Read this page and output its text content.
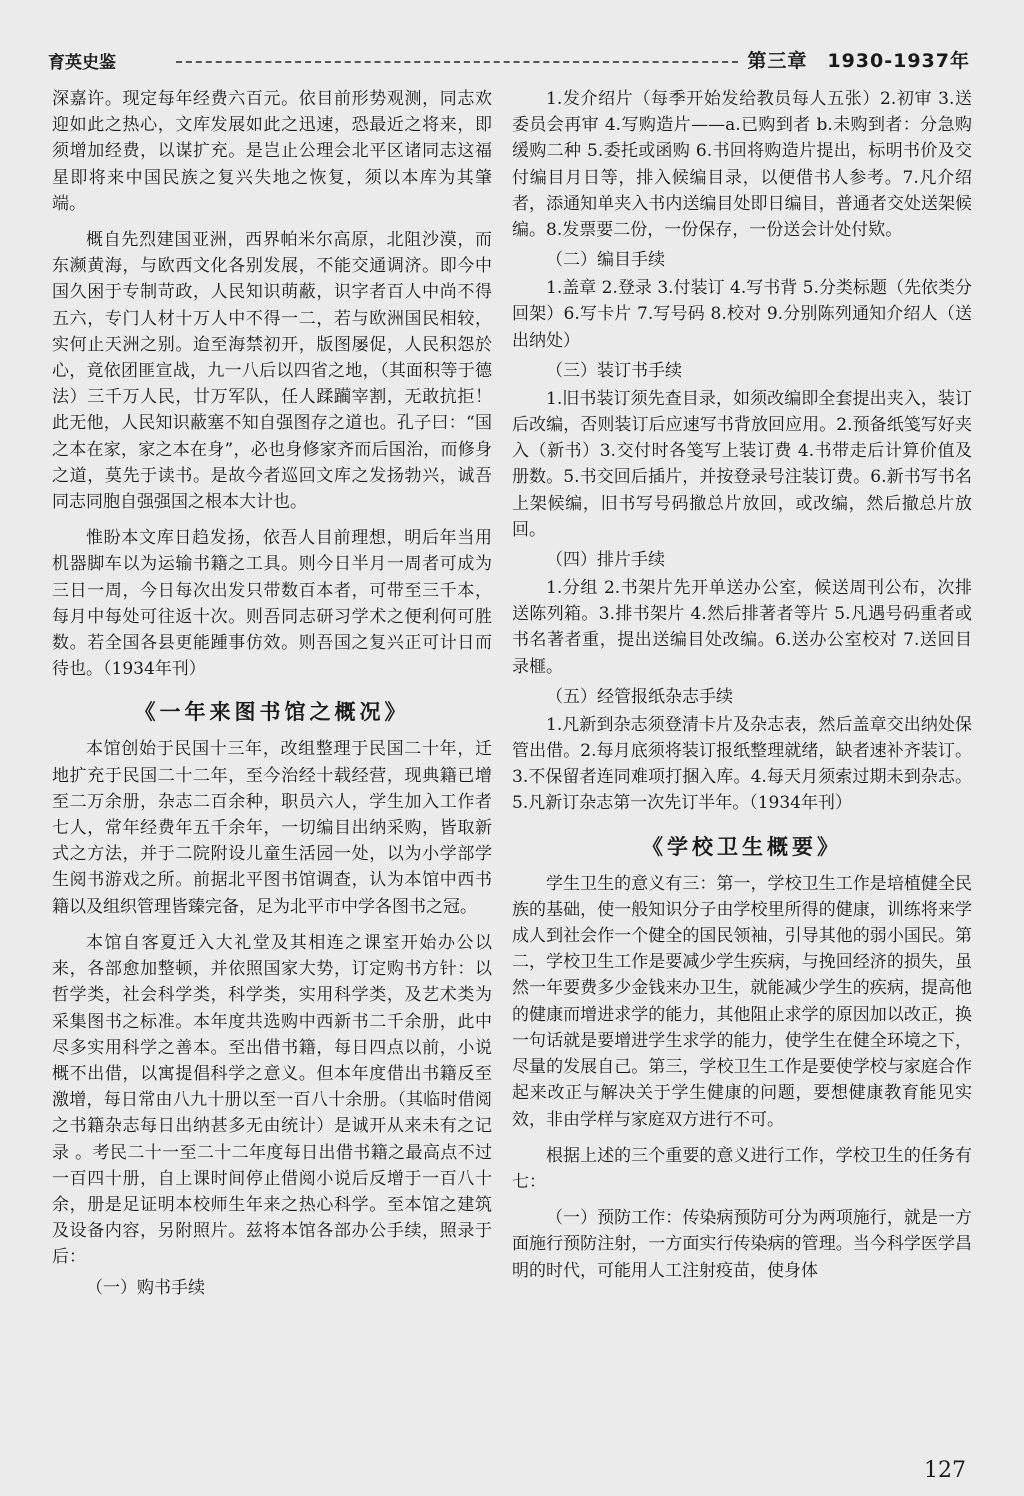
育英史鉴	第三章　1930-1937年

深嘉许。现定每年经费六百元。依目前形势观测，同志欢迎如此之热心，文库发展如此之迅速，恐最近之将来，即须增加经费，以谋扩充。是岂止公理会北平区诸同志这福星即将来中国民族之复兴失地之恢复，须以本库为其肇端。

概自先烈建国亚洲，西界帕米尔高原，北阻沙漠，而东濒黄海，与欧西文化各别发展，不能交通调济。即今中国久困于专制苛政，人民知识萌蔽，识字者百人中尚不得五六，专门人材十万人中不得一二，若与欧洲国民相较，实何止天洲之别。迨至海禁初开，版图屡促，人民积怨於心，竟依团匪宣战，九一八后以四省之地，（其面积等于德法）三千万人民，廿万军队，任人蹂躏宰割，无敢抗拒！此无他，人民知识蔽塞不知自强图存之道也。孔子曰：“国之本在家，家之本在身”，必也身修家齐而后国治，而修身之道，莫先于读书。是故今者巡回文库之发扬勃兴，诚吾同志同胞自强强国之根本大计也。

惟盼本文库日趋发扬，依吾人目前理想，明后年当用机器脚车以为运输书籍之工具。则今日半月一周者可成为三日一周，今日每次出发只带数百本者，可带至三千本，每月中每处可往返十次。则吾同志研习学术之便利何可胜数。若全国各县更能踵事仿效。则吾国之复兴正可计日而待也。（1934年刊）

《一年来图书馆之概况》

本馆创始于民国十三年，改组整理于民国二十年，迁地扩充于民国二十二年，至今治经十载经营，现典籍已增至二万余册，杂志二百余种，职员六人，学生加入工作者七人，常年经费年五千余年，一切编目出纳采购，皆取新式之方法，并于二院附设儿童生活园一处，以为小学部学生阅书游戏之所。前据北平图书馆调查，认为本馆中西书籍以及组织管理皆臻完备，足为北平市中学各图书之冠。

本馆自客夏迁入大礼堂及其相连之课室开始办公以来，各部愈加整顿，并依照国家大势，订定购书方针：以哲学类，社会科学类，科学类，实用科学类，及艺术类为采集图书之标准。本年度共选购中西新书二千余册，此中尽多实用科学之善本。至出借书籍，每日四点以前，小说概不出借，以寓提倡科学之意义。但本年度借出书籍反至激增，每日常由八九十册以至一百八十余册。（其临时借阅之书籍杂志每日出纳甚多无由统计）是诚开从来未有之记录 。考民二十一至二十二年度每日出借书籍之最高点不过一百四十册，自上课时间停止借阅小说后反增于一百八十余，册是足证明本校师生年来之热心科学。至本馆之建筑及设备内容，另附照片。兹将本馆各部办公手续，照录于后：

（一）购书手续

1.发介绍片（每季开始发给教员每人五张）2.初审 3.送委员会再审 4.写购造片——a.已购到者 b.未购到者：分急购缓购二种 5.委托或函购 6.书回将购造片提出，标明书价及交付编目月日等，排入候编目录，以便借书人参考。7.凡介绍者，添通知单夹入书内送编目处即日编目，普通者交处送架候编。8.发票要二份，一份保存，一份送会计处付欵。

（二）编目手续

1.盖章 2.登录 3.付装订 4.写书背 5.分类标题（先依类分回架）6.写卡片 7.写号码 8.校对 9.分别陈列通知介绍人（送出纳处）

（三）装订书手续

1.旧书装订须先查目录，如须改编即全套提出夹入，装订后改编，否则装订后应速写书背放回应用。2.预备纸笺写好夹入（新书）3.交付时各笺写上装订费 4.书带走后计算价值及册数。5.书交回后插片，并按登录号注装订费。6.新书写书名上架候编，旧书写号码撤总片放回，或改编，然后撤总片放回。

（四）排片手续

1.分组 2.书架片先开单送办公室，候送周刊公布，次排送陈列箱。3.排书架片 4.然后排著者等片 5.凡遇号码重者或书名著者重，提出送编目处改编。6.送办公室校对 7.送回目录榧。

（五）经管报纸杂志手续

1.凡新到杂志须登清卡片及杂志表，然后盖章交出纳处保管出借。2.每月底须将装订报纸整理就绪，缺者速补齐装订。3.不保留者连同难项打捆入库。4.每天月须索过期未到杂志。5.凡新订杂志第一次先订半年。（1934年刊）

《学校卫生概要》

学生卫生的意义有三：第一，学校卫生工作是培植健全民族的基础，使一般知识分子由学校里所得的健康，训练将来学成人到社会作一个健全的国民领袖，引导其他的弱小国民。第二，学校卫生工作是要减少学生疾病，与挽回经济的损失，虽然一年要费多少金钱来办卫生，就能减少学生的疾病，提高他的健康而增进求学的能力，其他阻止求学的原因加以改正，换一句话就是要增进学生求学的能力，使学生在健全环境之下，尽量的发展自己。第三，学校卫生工作是要使学校与家庭合作起来改正与解决关于学生健康的问题，要想健康教育能见实效，非由学样与家庭双方进行不可。

根据上述的三个重要的意义进行工作，学校卫生的任务有七：

（一）预防工作：传染病预防可分为两项施行，就是一方面施行预防注射，一方面实行传染病的管理。当今科学医学昌明的时代，可能用人工注射疫苗，使身体

127
